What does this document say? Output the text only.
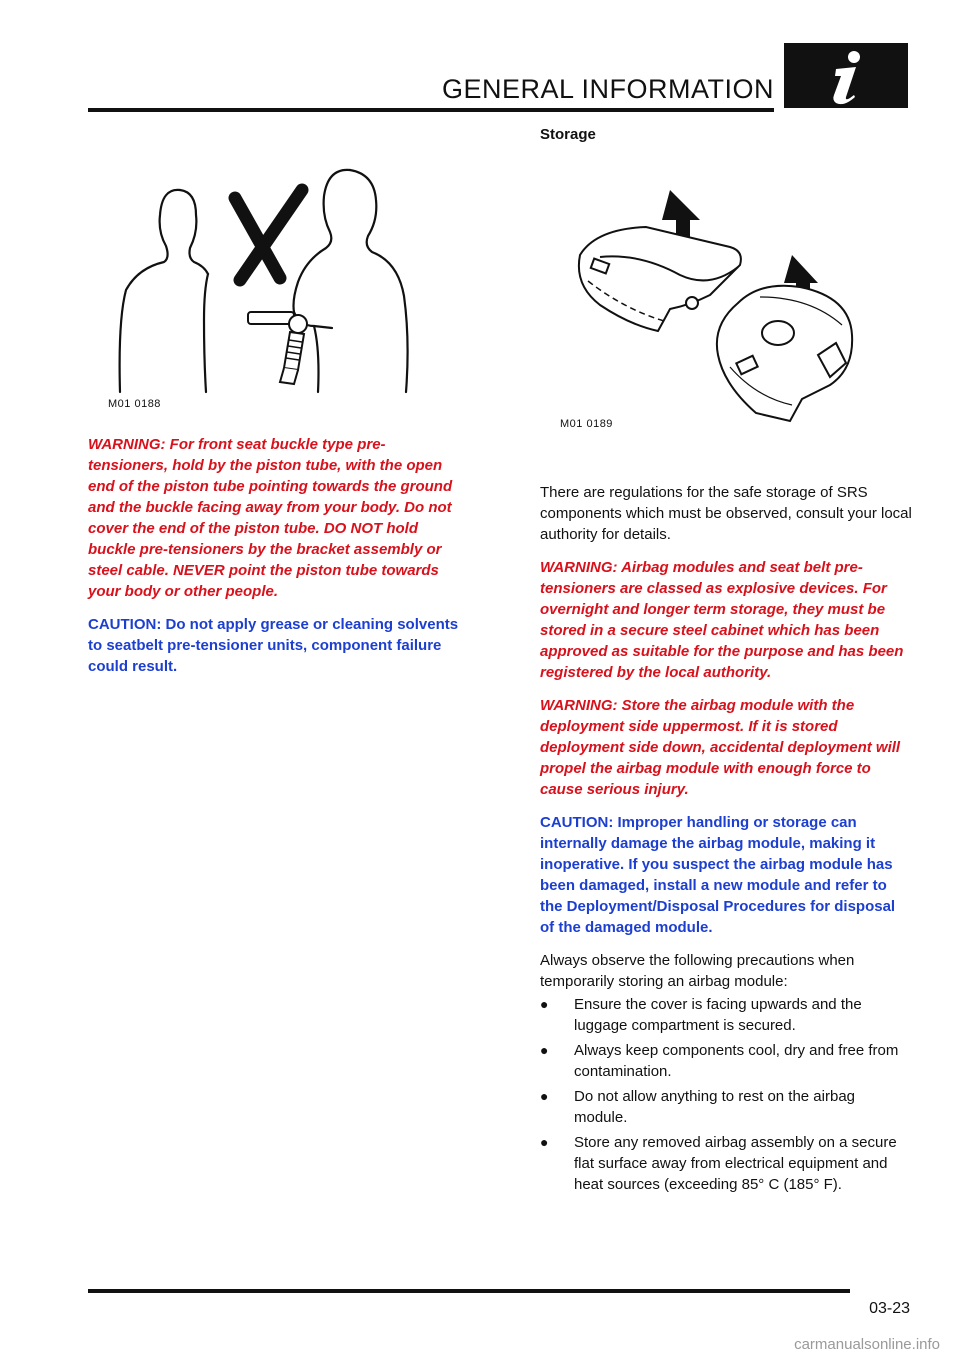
GENERAL INFORMATION
M01 0188

WARNING: For front seat buckle type pre-tensioners, hold by the piston tube, with the open end of the piston tube pointing towards the ground and the buckle facing away from your body. Do not cover the end of the piston tube. DO NOT hold buckle pre-tensioners by the bracket assembly or steel cable. NEVER point the piston tube towards your body or other people.

CAUTION: Do not apply grease or cleaning solvents to seatbelt pre-tensioner units, component failure could result.

Storage
M01 0189

There are regulations for the safe storage of SRS components which must be observed, consult your local authority for details.

WARNING: Airbag modules and seat belt pre-tensioners are classed as explosive devices. For overnight and longer term storage, they must be stored in a secure steel cabinet which has been approved as suitable for the purpose and has been registered by the local authority.

WARNING: Store the airbag module with the deployment side uppermost. If it is stored deployment side down, accidental deployment will propel the airbag module with enough force to cause serious injury.

CAUTION: Improper handling or storage can internally damage the airbag module, making it inoperative. If you suspect the airbag module has been damaged, install a new module and refer to the Deployment/Disposal Procedures for disposal of the damaged module.

Always observe the following precautions when temporarily storing an airbag module:

● Ensure the cover is facing upwards and the luggage compartment is secured.
● Always keep components cool, dry and free from contamination.
● Do not allow anything to rest on the airbag module.
● Store any removed airbag assembly on a secure flat surface away from electrical equipment and heat sources (exceeding 85° C (185° F).
03-23
carmanualsonline.info
